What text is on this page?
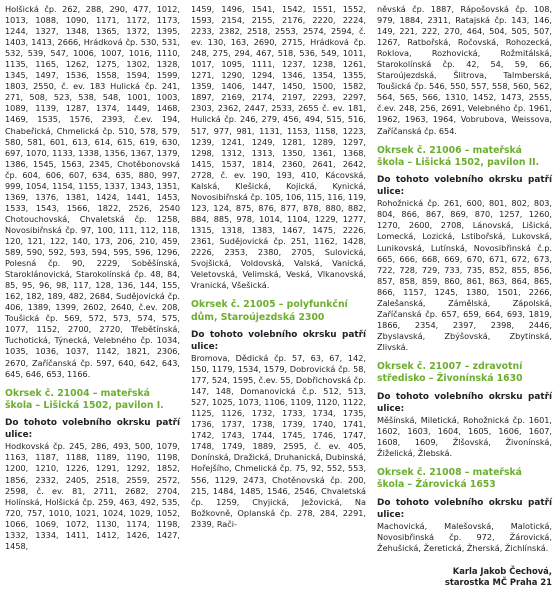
Holšická čp. 262, 288, 290, 477, 1012, 1013, 1088, 1090, 1171, 1172, 1173, 1244, 1327, 1348, 1365, 1372, 1395, 1403, 1413, 2666, Hrádková čp. 530, 531, 532, 539, 547, 1006, 1007, 1016, 1110, 1135, 1165, 1262, 1275, 1302, 1328, 1345, 1497, 1536, 1558, 1594, 1599, 1803, 2550, č. ev. 183 Hulická čp. 241, 271, 508, 523, 538, 548, 1001, 1003, 1089, 1139, 1287, 1374, 1449, 1468, 1469, 1535, 1576, 2393, č.ev. 194, Chabeřická, Chmelická čp. 510, 578, 579, 580, 581, 601, 613, 614, 615, 619, 630, 697, 1070, 1133, 1338, 1356, 1367, 1379, 1386, 1545, 1563, 2345, Chotěbonovská čp. 604, 606, 607, 634, 635, 880, 997, 999, 1054, 1154, 1155, 1337, 1343, 1351, 1369, 1376, 1381, 1424, 1441, 1453, 1533, 1543, 1566, 1822, 2526, 2540 Chotouchovská, Chvaletská čp. 1258, Novosibiřnská čp. 97, 100, 111, 112, 118, 120, 121, 122, 140, 173, 206, 210, 459, 589, 590, 592, 593, 594, 595, 596, 1296, Polesná čp. 90, 2229, Soběšínská, Staroklánovická, Starokolínská čp. 48, 84, 85, 95, 96, 98, 117, 128, 136, 144, 155, 162, 182, 189, 482, 2684, Sudějovická čp. 406, 1389, 1399, 2602, 2640, č.ev. 208, Toušická čp. 569, 572, 573, 574, 575, 1077, 1152, 2700, 2720, Třebětínská, Tuchotická, Týnecká, Velebného čp. 1034, 1035, 1036, 1037, 1142, 1821, 2306, 2670, Zaříčanská čp. 597, 640, 642, 643, 645, 646, 653, 1166.

Okrsek č. 21004 – mateřská škola – Lišická 1502, pavilon I.

Do tohoto volebního okrsku patří ulice:

Hodkovská čp. 245, 286, 493, 500, 1079, 1163, 1187, 1188, 1189, 1190, 1198, 1200, 1210, 1226, 1291, 1292, 1852, 1856, 2332, 2405, 2518, 2559, 2572, 2598, č. ev. 81, 2711, 2682, 2704, Holínská, Holšická čp. 259, 463, 492, 535, 720, 757, 1010, 1021, 1024, 1029, 1052, 1066, 1069, 1072, 1130, 1174, 1198, 1332, 1334, 1411, 1412, 1426, 1427, 1458,

1459, 1496, 1541, 1542, 1551, 1552, 1593, 2154, 2155, 2176, 2220, 2224, 2233, 2382, 2518, 2553, 2574, 2594, č. ev. 130, 163, 2690, 2715, Hrádková čp. 248, 275, 294, 467, 518, 536, 549, 1011, 1017, 1095, 1111, 1237, 1238, 1261, 1271, 1290, 1294, 1346, 1354, 1355, 1359, 1406, 1447, 1450, 1500, 1582, 1897, 2169, 2174, 2197, 2293, 2297, 2303, 2362, 2447, 2533, 2655 č. ev. 181, Hulická čp. 246, 279, 456, 494, 515, 516, 517, 977, 981, 1131, 1153, 1158, 1223, 1239, 1241, 1249, 1281, 1289, 1297, 1298, 1312, 1313, 1350, 1361, 1368, 1415, 1537, 1814, 2360, 2641, 2642, 2728, č. ev. 190, 193, 410, Kácovská, Kalská, Klešická, Kojická, Kynická, Novosibiřnská čp. 105, 106, 115, 116, 119, 123, 124, 875, 876, 877, 878, 880, 882, 884, 885, 978, 1014, 1104, 1229, 1277, 1315, 1318, 1383, 1467, 1475, 2226, 2361, Sudějovická čp. 251, 1162, 1428, 2226, 2353, 2380, 2705, Sulovická, Svojšická, Voldovská, Valská, Vanická, Veletovská, Velimská, Veská, Vlkanovská, Vranická, Všešická.

Okrsek č. 21005 – polyfunkční dům, Staroújezdská 2300

Do tohoto volebního okrsku patří ulice:

Bromova, Dědická čp. 57, 63, 67, 142, 150, 1179, 1534, 1579, Dobrovická čp. 58, 177, 524, 1595, č.ev. 55, Dobřichovská čp. 147, 148, Domanovická č.p. 512, 513, 527, 1025, 1073, 1106, 1109, 1120, 1122, 1125, 1126, 1732, 1733, 1734, 1735, 1736, 1737, 1738, 1739, 1740, 1741, 1742, 1743, 1744, 1745, 1746, 1747, 1748, 1749, 1889, 2595, č. ev. 405, Donínská, Dražická, Druhanická, Dubinská, Hořejšího, Chmelická čp. 75, 92, 552, 553, 556, 1129, 2473, Chotěnovská čp. 200, 215, 1484, 1485, 1546, 2546, Chvaletská čp. 1259, Chyjická, Ježovická, Na Božkovně, Oplanská čp. 278, 284, 2291, 2339, Rači-

něvská čp. 1887, Rápošovská čp. 108, 979, 1884, 2311, Ratajská čp. 143, 146, 149, 221, 222, 270, 464, 504, 505, 507, 1267, Ratbořská, Ročovská, Rohozecká, Roklova, Rozhovická, Rožmitálská, Starokolínská čp. 42, 54, 59, 66, Staroújezdská, Šlitrova, Talmberská, Toušická čp. 546, 550, 557, 558, 560, 562, 564, 565, 566, 1310, 1452, 1473, 2555, č.ev. 248, 256, 2691, Velebného čp. 1961, 1962, 1963, 1964, Vobrubova, Weissova, Zaříčanská čp. 654.

Okrsek č. 21006 – mateřská škola – Lišická 1502, pavilon II.

Do tohoto volebního okrsku patří ulice:

Rohožnická čp. 261, 600, 801, 802, 803, 804, 866, 867, 869, 870, 1257, 1260, 1270, 2600, 2708, Lánovská, Lišická, Lomecká, Lozická, Lstibořská, Lukovská, Lunikovská, Lutínská, Novosibřinská č.p. 665, 666, 668, 669, 670, 671, 672, 673, 722, 728, 729, 733, 735, 852, 855, 856, 857, 858, 859, 860, 861, 863, 864, 865, 866, 1157, 1245, 1380, 1501, 2266, Zalešanská, Zámělská, Zápolská, Zaříčanská čp. 657, 659, 664, 693, 1819, 1866, 2354, 2397, 2398, 2446, Zbyslavská, Zbýšovská, Zbytinská, Zlivská.

Okrsek č. 21007 – zdravotní středisko – Živonínská 1630

Do tohoto volebního okrsku patří ulice:

Měšínská, Miletická, Rohožnická čp. 1601, 1602, 1603, 1604, 1605, 1606, 1607, 1608, 1609, Žlšovská, Živonínská, Žiželická, Žlebská.

Okrsek č. 21008 – mateřská škola – Žárovická 1653

Do tohoto volebního okrsku patří ulice:

Machovická, Malešovská, Malotická, Novosibřinská čp. 972, Žárovická, Žehušická, Žeretická, Žherská, Žichlínská.

Karla Jakob Čechová,
starostka MČ Praha 21
